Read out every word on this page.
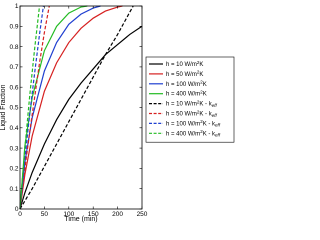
0	50 100 150 200 250
0
0.1
0.2
0.3
0.4
0.5
0.6
0.7
0.8
0.9
1
Time (min)
Liquid Fraction
h = 10 $W/m^2K$
h = 50 $W/m^2K$
h = 100 $W/m^2K$
h = 400 $W/m^2K$
h = 10 $W/m^2K - k_{eff}$
h = 50 $W/m^2K - k_{eff}$
h = 100 $W/m^2K - k_{eff}$
h = 400 $W/m^2K - k_{eff}$
